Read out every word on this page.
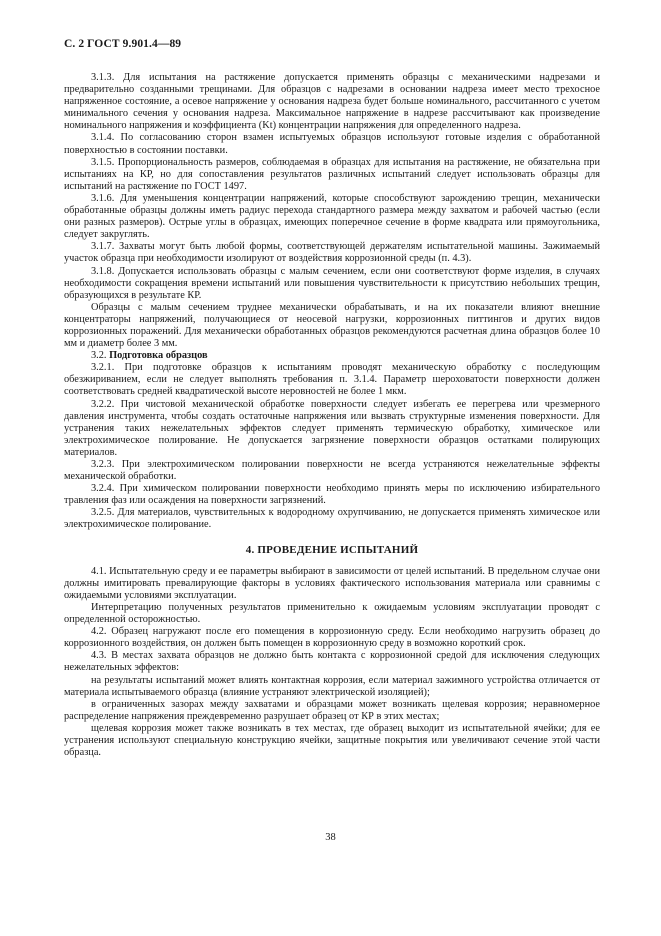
С. 2 ГОСТ 9.901.4—89

3.1.3. Для испытания на растяжение допускается применять образцы с механическими надрезами и предварительно созданными трещинами. Для образцов с надрезами в основании надреза имеет место трехосное напряженное состояние, а осевое напряжение у основания надреза будет больше номинального, рассчитанного с учетом минимального сечения у основания надреза. Максимальное напряжение в надрезе рассчитывают как произведение номинального напряжения и коэффициента (Kt) концентрации напряжения для определенного надреза.

3.1.4. По согласованию сторон взамен испытуемых образцов используют готовые изделия с обработанной поверхностью в состоянии поставки.

3.1.5. Пропорциональность размеров, соблюдаемая в образцах для испытания на растяжение, не обязательна при испытаниях на КР, но для сопоставления результатов различных испытаний следует использовать образцы для испытаний на растяжение по ГОСТ 1497.

3.1.6. Для уменьшения концентрации напряжений, которые способствуют зарождению трещин, механически обработанные образцы должны иметь радиус перехода стандартного размера между захватом и рабочей частью (если они разных размеров). Острые углы в образцах, имеющих поперечное сечение в форме квадрата или прямоугольника, следует закруглять.

3.1.7. Захваты могут быть любой формы, соответствующей держателям испытательной машины. Зажимаемый участок образца при необходимости изолируют от воздействия коррозионной среды (п. 4.3).

3.1.8. Допускается использовать образцы с малым сечением, если они соответствуют форме изделия, в случаях необходимости сокращения времени испытаний или повышения чувствительности к присутствию небольших трещин, образующихся в результате КР.

Образцы с малым сечением труднее механически обрабатывать, и на их показатели влияют внешние концентраторы напряжений, получающиеся от неосевой нагрузки, коррозионных питтингов и других видов коррозионных поражений. Для механически обработанных образцов рекомендуются расчетная длина образцов более 10 мм и диаметр более 3 мм.

3.2. Подготовка образцов

3.2.1. При подготовке образцов к испытаниям проводят механическую обработку с последующим обезжириванием, если не следует выполнять требования п. 3.1.4. Параметр шероховатости поверхности должен соответствовать средней квадратической высоте неровностей не более 1 мкм.

3.2.2. При чистовой механической обработке поверхности следует избегать ее перегрева или чрезмерного давления инструмента, чтобы создать остаточные напряжения или вызвать структурные изменения поверхности. Для устранения таких нежелательных эффектов следует применять термическую обработку, химическое или электрохимическое полирование. Не допускается загрязнение поверхности образцов остатками полирующих материалов.

3.2.3. При электрохимическом полировании поверхности не всегда устраняются нежелательные эффекты механической обработки.

3.2.4. При химическом полировании поверхности необходимо принять меры по исключению избирательного травления фаз или осаждения на поверхности загрязнений.

3.2.5. Для материалов, чувствительных к водородному охрупчиванию, не допускается применять химическое или электрохимическое полирование.

4. ПРОВЕДЕНИЕ ИСПЫТАНИЙ

4.1. Испытательную среду и ее параметры выбирают в зависимости от целей испытаний. В предельном случае они должны имитировать превалирующие факторы в условиях фактического использования материала или сравнимы с ожидаемыми условиями эксплуатации.

Интерпретацию полученных результатов применительно к ожидаемым условиям эксплуатации проводят с определенной осторожностью.

4.2. Образец нагружают после его помещения в коррозионную среду. Если необходимо нагрузить образец до коррозионного воздействия, он должен быть помещен в коррозионную среду в возможно короткий срок.

4.3. В местах захвата образцов не должно быть контакта с коррозионной средой для исключения следующих нежелательных эффектов:

на результаты испытаний может влиять контактная коррозия, если материал зажимного устройства отличается от материала испытываемого образца (влияние устраняют электрической изоляцией);

в ограниченных зазорах между захватами и образцами может возникать щелевая коррозия; неравномерное распределение напряжения преждевременно разрушает образец от КР в этих местах;

щелевая коррозия может также возникать в тех местах, где образец выходит из испытательной ячейки; для ее устранения используют специальную конструкцию ячейки, защитные покрытия или увеличивают сечение этой части образца.

38
